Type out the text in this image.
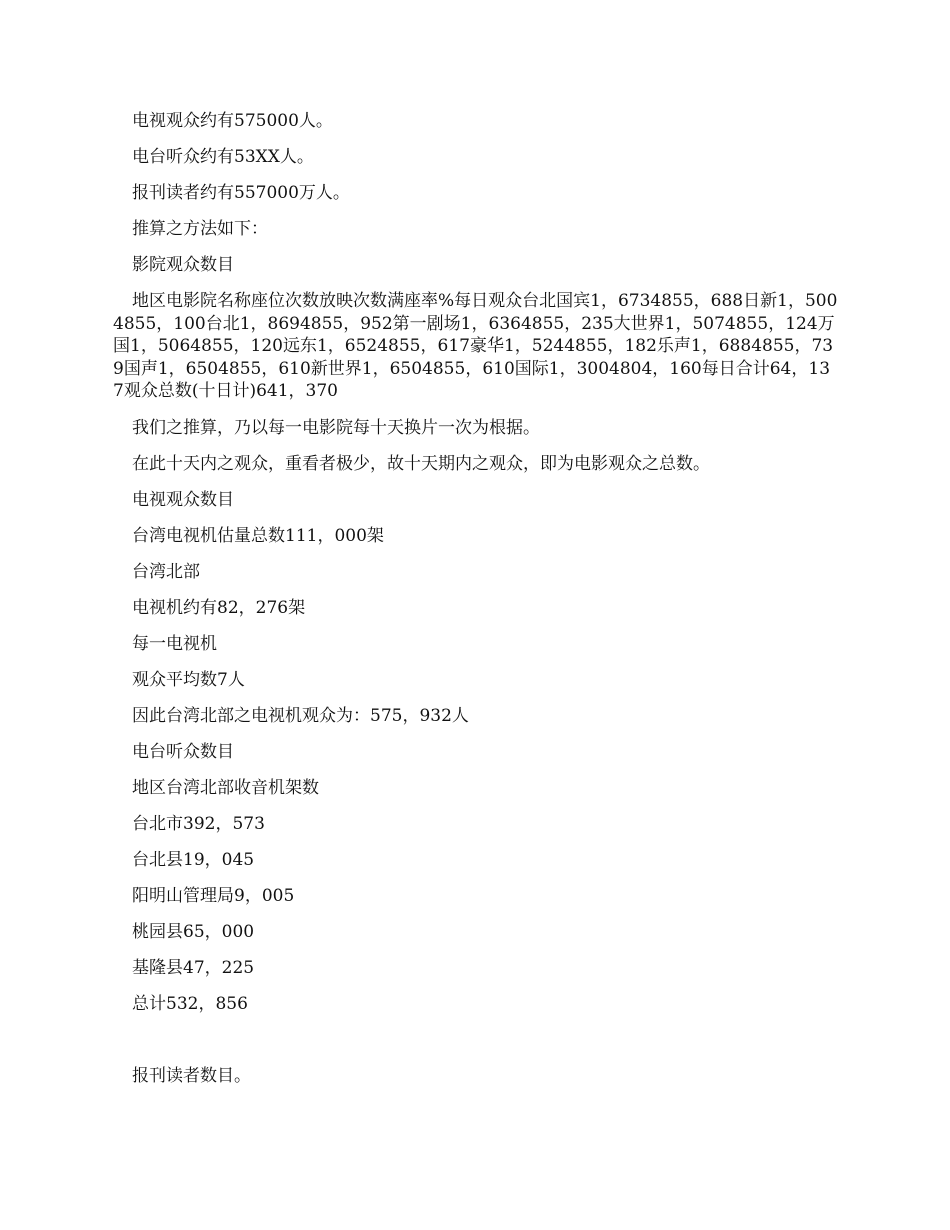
电视观众约有575000人。

电台听众约有53XX人。

报刊读者约有557000万人。

推算之方法如下：

影院观众数目

地区电影院名称座位次数放映次数满座率%每日观众台北国宾1，6734855，688日新1，5004855，100台北1，8694855，952第一剧场1，6364855，235大世界1，5074855，124万国1，5064855，120远东1，6524855，617豪华1，5244855，182乐声1，6884855，739国声1，6504855，610新世界1，6504855，610国际1，3004804，160每日合计64，137观众总数(十日计)641，370

我们之推算，乃以每一电影院每十天换片一次为根据。

在此十天内之观众，重看者极少，故十天期内之观众，即为电影观众之总数。

电视观众数目

台湾电视机估量总数111，000架

台湾北部

电视机约有82，276架

每一电视机

观众平均数7人

因此台湾北部之电视机观众为：575，932人

电台听众数目

地区台湾北部收音机架数

台北市392，573

台北县19，045

阳明山管理局9，005

桃园县65，000

基隆县47，225

总计532，856

报刊读者数目。
